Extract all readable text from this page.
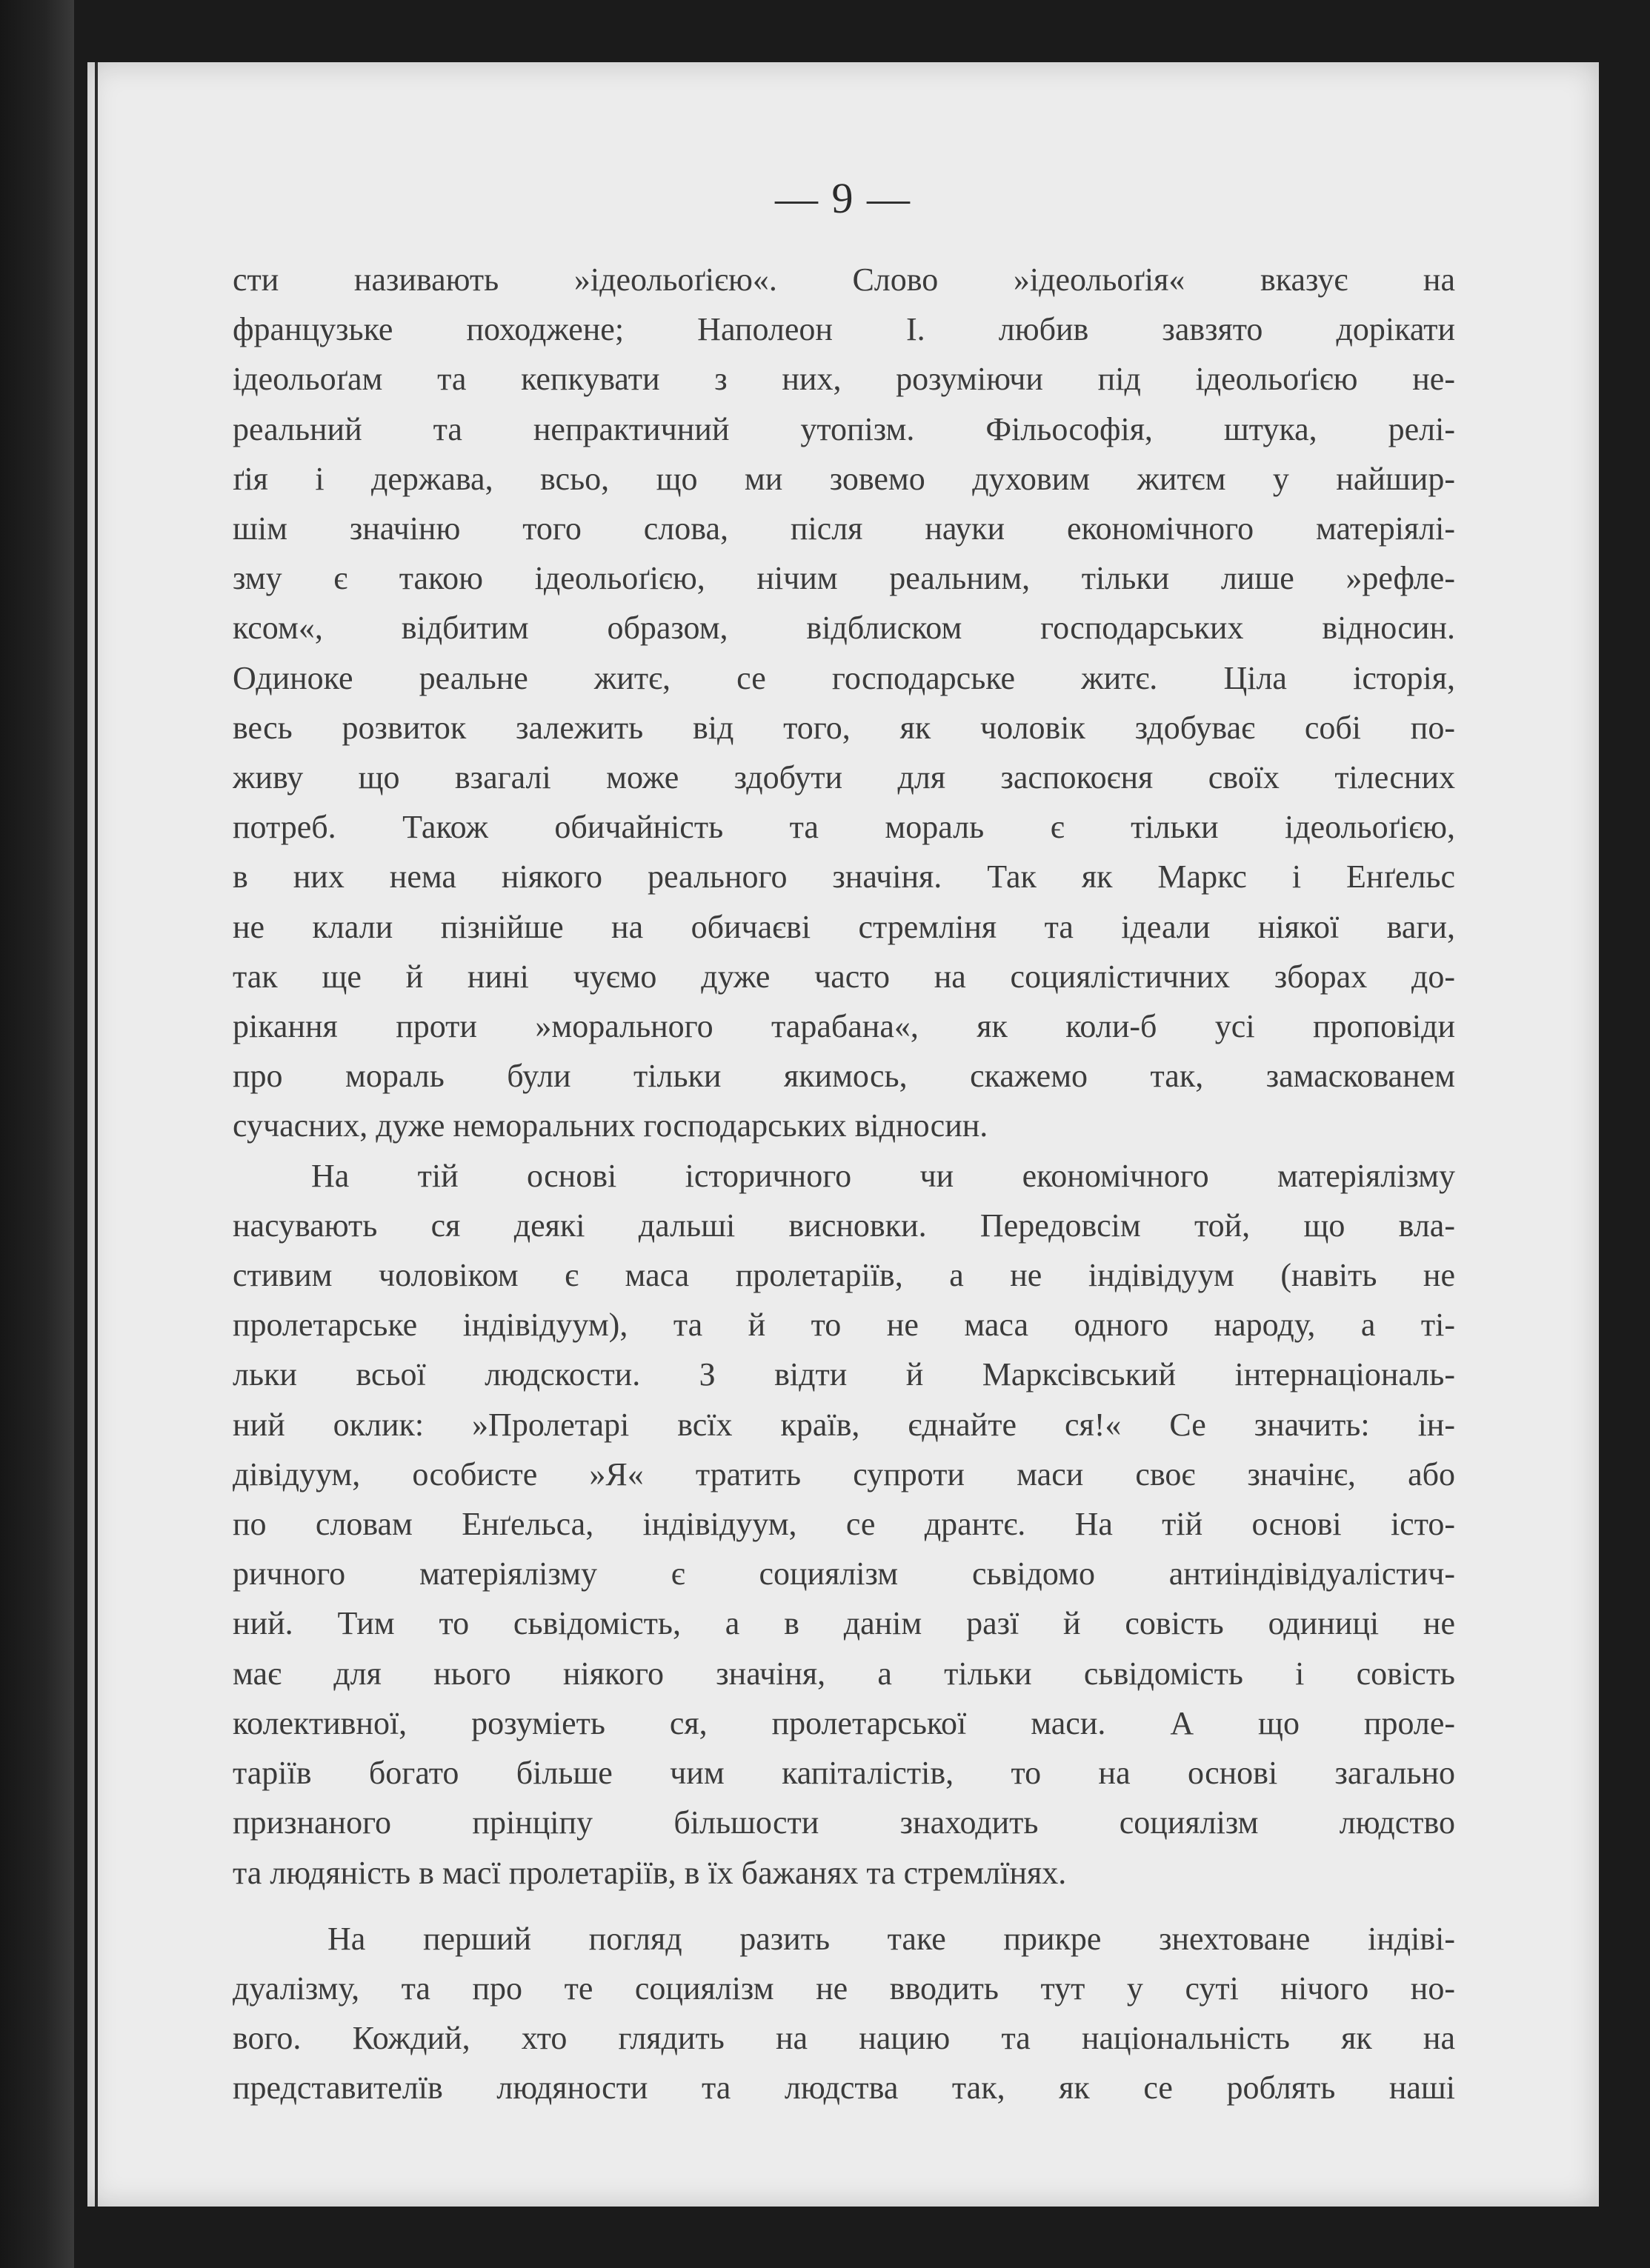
— 9 —
сти називають »ідеольоґією«. Слово »ідеольоґія« вказує на
французьке походжене; Наполеон І. любив завзято дорікати
ідеольоґам та кепкувати з них, розуміючи під ідеольоґією не-
реальний та непрактичний утопізм. Фільософія, штука, релі-
ґія і держава, всьо, що ми зовемо духовим житєм у найшир-
шім значіню того слова, після науки економічного матеріялі-
зму є такою ідеольоґією, нічим реальним, тільки лише »рефле-
ксом«, відбитим образом, відблиском господарських відносин.
Одиноке реальне житє, се господарське житє. Ціла історія,
весь розвиток залежить від того, як чоловік здобуває собі по-
живу що взагалі може здобути для заспокоєня своїх тілесних
потреб. Також обичайність та мораль є тільки ідеольоґією,
в них нема ніякого реального значіня. Так як Маркс і Енґельс
не клали пізнійше на обичаєві стремліня та ідеали ніякої ваги,
так ще й нині чуємо дуже часто на социялістичних зборах до-
рікання проти »морального тарабана«, як коли-б усі проповіди
про мораль були тільки якимось, скажемо так, замаскованем
сучасних, дуже неморальних господарських відносин.
На тій основі історичного чи економічного матеріялізму
насувають ся деякі дальші висновки. Передовсім той, що вла-
стивим чоловіком є маса пролетаріїв, а не індівідуум (навіть не
пролетарське індівідуум), та й то не маса одного народу, а ті-
льки всьої людскости. З відти й Марксівський інтернаціональ-
ний оклик: »Пролетарі всїх країв, єднайте ся!« Се значить: ін-
дівідуум, особисте »Я« тратить супроти маси своє значінє, або
по словам Енґельса, індівідуум, се дрантє. На тій основі істо-
ричного матеріялізму є социялізм сьвідомо антиіндівідуалістич-
ний. Тим то сьвідомість, а в данім разї й совість одиниці не
має для нього ніякого значіня, а тільки сьвідомість і совість
колективної, розуміеть ся, пролетарської маси. А що проле-
таріїв богато більше чим капіталістів, то на основі загально
признаного прінціпу більшости знаходить социялізм людство
та людяність в масї пролетаріїв, в їх бажанях та стремлїнях.
На перший погляд разить таке прикре знехтоване індіві-
дуалізму, та про те социялізм не вводить тут у суті нічого но-
вого. Кождий, хто глядить на нацию та національність як на
представителїв людяности та людства так, як се роблять наші
